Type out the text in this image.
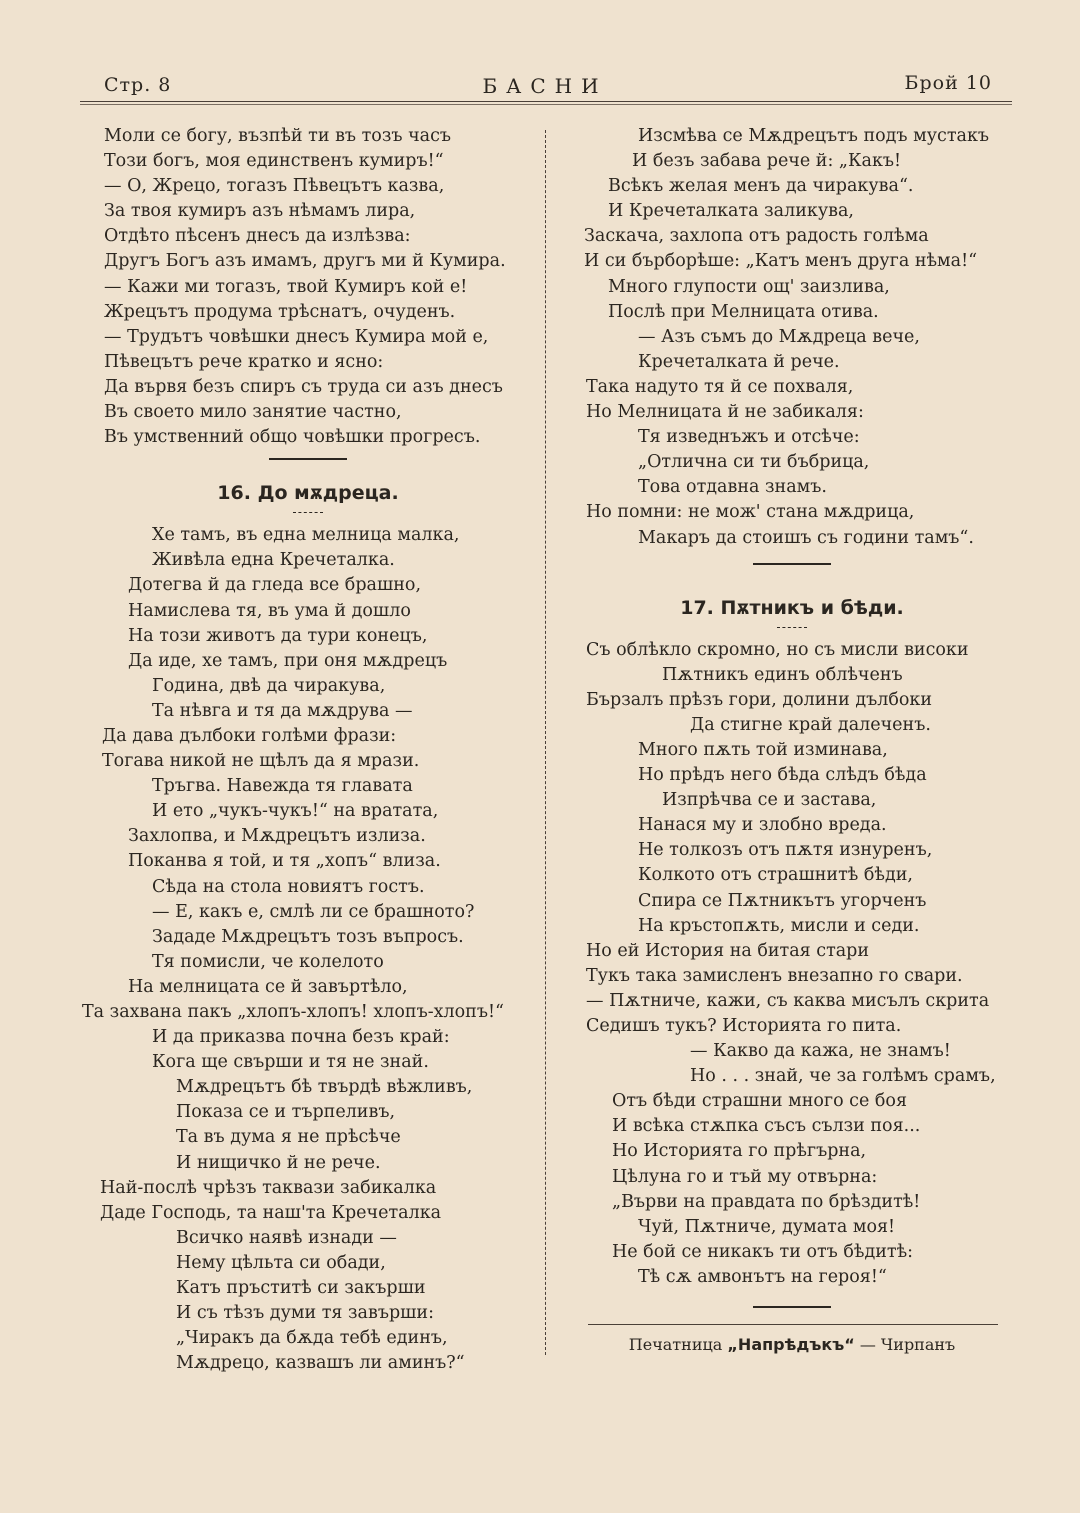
Стр. 8	БАСНИ	Брой 10
Моли се богу, възпѣй ти въ тозъ часъ
Този богъ, моя единственъ кумиръ!“
— О, Жрецо, тогазъ Пѣвецътъ казва,
За твоя кумиръ азъ нѣмамъ лира,
Отдѣто пѣсенъ днесъ да излѣзва:
Другъ Богъ азъ имамъ, другъ ми й Кумира.
— Кажи ми тогазъ, твой Кумиръ кой е!
Жрецътъ продума трѣснатъ, очуденъ.
— Трудътъ човѣшки днесъ Кумира мой е,
Пѣвецътъ рече кратко и ясно:
Да вървя безъ спиръ съ труда си азъ днесъ
Въ своето мило занятие частно,
Въ умственний общо човѣшки прогресъ.
16. До мѫдреца.
Хе тамъ, въ една мелница малка,
Живѣла една Кречеталка.
Дотегва й да гледа все брашно,
Намислева тя, въ ума й дошло
На този животъ да тури конецъ,
Да иде, хе тамъ, при оня мѫдрецъ
Година, двѣ да чиракува,
Та нѣвга и тя да мѫдрува —
Да дава дълбоки голѣми фрази:
Тогава никой не щѣлъ да я мрази.
Тръгва. Навежда тя главата
И ето „чукъ-чукъ!“ на вратата,
Захлопва, и Мѫдрецътъ излиза.
Поканва я той, и тя „хопъ“ влиза.
Сѣда на стола новиятъ гостъ.
— Е, какъ е, смлѣ ли се брашното?
Зададе Мѫдрецътъ тозъ въпросъ.
Тя помисли, че колелото
На мелницата се й завъртѣло,
Та захвана пакъ „хлопъ-хлопъ! хлопъ-хлопъ!“
И да приказва почна безъ край:
Кога ще свърши и тя не знай.
Мѫдрецътъ бѣ твърдѣ вѣжливъ,
Показа се и търпеливъ,
Та въ дума я не прѣсѣче
И нищичко й не рече.
Най-послѣ чрѣзъ таквази забикалка
Даде Господь, та наш'та Кречеталка
Всичко наявѣ изнади —
Нему цѣльта си обади,
Катъ пръститѣ си закърши
И съ тѣзъ думи тя завърши:
„Чиракъ да бѫда тебѣ единъ,
Мѫдрецо, казвашъ ли аминъ?“
Изсмѣва се Мѫдрецътъ подъ мустакъ
И безъ забава рече й: „Какъ!
Всѣкъ желая менъ да чиракува“.
И Кречеталката заликува,
Заскача, захлопа отъ радость голѣма
И си бърборѣше: „Катъ менъ друга нѣма!“
Много глупости ощ' заизлива,
Послѣ при Мелницата отива.
— Азъ съмъ до Мѫдреца вече,
Кречеталката й рече.
Така надуто тя й се похваля,
Но Мелницата й не забикаля:
Тя изведнъжъ и отсѣче:
„Отлична си ти бъбрица,
Това отдавна знамъ.
Но помни: не мож' стана мѫдрица,
Макаръ да стоишъ съ години тамъ“.
17. Пѫтникъ и бѣди.
Съ облѣкло скромно, но съ мисли високи
Пѫтникъ единъ облѣченъ
Бързалъ прѣзъ гори, долини дълбоки
Да стигне край далеченъ.
Много пѫть той изминава,
Но прѣдъ него бѣда слѣдъ бѣда
Изпрѣчва се и застава,
Нанася му и злобно вреда.
Не толкозъ отъ пѫтя изнуренъ,
Колкото отъ страшнитѣ бѣди,
Спира се Пѫтникътъ угорченъ
На кръстопѫть, мисли и седи.
Но ей История на битая стари
Тукъ така замисленъ внезапно го свари.
— Пѫтниче, кажи, съ каква мисълъ скрита
Седишъ тукъ? Историята го пита.
— Какво да кажа, не знамъ!
Но . . . знай, че за голѣмъ срамъ,
Отъ бѣди страшни много се боя
И всѣка стѫпка съсъ сълзи поя...
Но Историята го прѣгърна,
Цѣлуна го и тъй му отвърна:
„Върви на правдата по брѣздитѣ!
Чуй, Пѫтниче, думата моя!
Не бой се никакъ ти отъ бѣдитѣ:
Тѣ сѫ амвонътъ на героя!“
Печатница „Напрѣдъкъ“ — Чирпанъ
